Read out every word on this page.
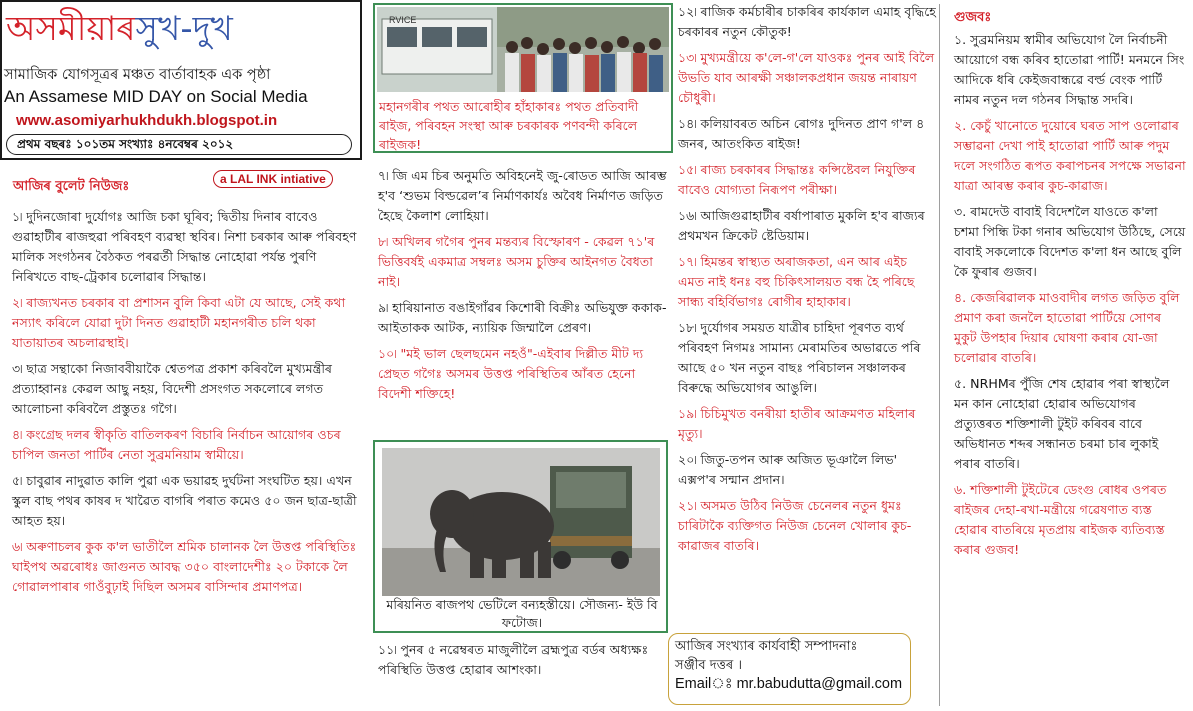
অসমীয়াৰসুখ-দুখ
সামাজিক যোগসূত্ৰৰ মঞ্চত বাৰ্তাবাহক এক পৃষ্ঠা
An Assamese MID DAY on Social Media
www.asomiyarhukhdukh.blogspot.in
প্ৰথম বছৰঃ ১০১তম সংখ্যাঃ ৪নবেম্বৰ ২০১২
আজিৰ বুলেট নিউজঃ	a LAL INK intiative

১৷ দুদিনজোৰা দুৰ্যোগঃ আজি চকা ঘূৰিব; দ্বিতীয় দিনাৰ বাবেও গুৱাহাটীৰ ৰাজহুৱা পৰিবহণ ব্যৱস্থা স্থবিৰ। নিশা চৰকাৰ আৰু পৰিবহণ মালিক সংগঠনৰ বৈঠকত পৰৱৰ্তী সিদ্ধান্ত নোহোৱা পৰ্যন্ত পুৰণি নিৰিখতে বাছ-ট্ৰেকাৰ চলোৱাৰ সিদ্ধান্ত।

২৷ ৰাজ্যখনত চৰকাৰ বা প্ৰশাসন বুলি কিবা এটা যে আছে, সেই কথা নস্যাৎ কৰিলে যোৱা দুটা দিনত গুৱাহাটী মহানগৰীত চলি থকা যাতায়াতৰ অচলাৱস্থাই।

৩৷ ছাত্ৰ সন্থাকো নিজাববীয়াকৈ শ্বেতপত্ৰ প্ৰকাশ কৰিবলৈ মুখ্যমন্ত্ৰীৰ প্ৰত্যাহ্বানঃ কেৱল আছু নহয়, বিদেশী প্ৰসংগত সকলোৰে লগত আলোচনা কৰিবলৈ প্ৰস্তুতঃ গগৈ।

৪৷ কংগ্ৰেছ দলৰ স্বীকৃতি বাতিলকৰণ বিচাৰি নিৰ্বাচন আয়োগৰ ওচৰ চাপিল জনতা পাৰ্টিৰ নেতা সুব্ৰমনিয়াম স্বামীয়ে।

৫৷ চাবুৱাৰ নাদুৱাত কালি পুৱা এক ভয়াৱহ দুৰ্ঘটনা সংঘটিত হয়। এখন স্কুল বাছ পথৰ কাষৰ দ খাৱৈত বাগৰি পৰাত কমেও ৫০ জন ছাত্ৰ-ছাত্ৰী আহত হয়।

৬৷ অৰুণাচলৰ কুক ক'ল ভাতীলৈ শ্ৰমিক চালানক লৈ উত্তপ্ত পৰিস্থিতিঃ ঘাইপথ অৱৰোধঃ জাগুনত আবদ্ধ ৩৫০ বাংলাদেশীঃ ২০ টকাকে লৈ গোৱালপাৰাৰ গাওঁবুঢ়াই দিছিল অসমৰ বাসিন্দাৰ প্ৰমাণপত্ৰ।

RVICE
মহানগৰীৰ পথত আৰোহীৰ হাঁহাকাৰঃ পথত প্ৰতিবাদী ৰাইজ, পৰিবহন সংস্থা আৰু চৰকাৰক পণবন্দী কৰিলে ৰাইজক!

৭৷ জি এম চিৰ অনুমতি অবিহনেই জু-ৰোডত আজি আৰম্ভ হ'ব ‘শুভম বিল্ডৱেল’ৰ নিৰ্মাণকাৰ্যঃ অবৈধ নিৰ্মাণত জড়িত হৈছে কৈলাশ লোহিয়া।

৮৷ অখিলৰ গগৈৰ পুনৰ মন্তব্যৰ বিস্ফোৰণ - কেৱল ৭১'ৰ ভিত্তিবৰ্ষই একমাত্ৰ সম্বলঃ অসম চুক্তিৰ আইনগত বৈধতা নাই।

৯৷ হাৰিয়ানাত বঙাইগাঁৱৰ কিশোৰী বিক্ৰীঃ অভিযুক্ত ককাক-আইতাকক আটক, ন্যায়িক জিম্মালৈ প্ৰেৰণ।

১০৷ "মই ভাল ছেলছমেন নহওঁ"-এইবাৰ দিল্লীত মীট দ্য প্ৰেছত গগৈঃ অসমৰ উত্তপ্ত পৰিস্থিতিৰ আঁৰত হেনো বিদেশী শক্তিহে!

মৰিয়নিত ৰাজপথ ভেটিলে বন্যহস্তীয়ে। সৌজন্য- ইউ বি ফটোজ।

১১৷ পুনৰ ৫ নৱেম্বৰত মাজুলীলৈ ব্ৰহ্মপুত্ৰ বৰ্ডৰ অধ্যক্ষঃ পৰিস্থিতি উত্তপ্ত হোৱাৰ আশংকা।

১২৷ ৰাজিক কৰ্মচাৰীৰ চাকৰিৰ কাৰ্যকাল এমাহ বৃদ্ধিহে চৰকাৰৰ নতুন কৌতুক!

১৩৷ মুখ্যমন্ত্ৰীয়ে ক'লে-গ'লে যাওকঃ পুনৰ আই বিলৈ উভতি যাব আৰক্ষী সঞ্চালকপ্ৰধান জয়ন্ত নাৰায়ণ চৌধুৰী।

১৪৷ কলিয়াবৰত অচিন ৰোগঃ দুদিনত প্ৰাণ গ'ল ৪ জনৰ, আতংকিত ৰাইজ!

১৫৷ ৰাজ্য চৰকাৰৰ সিদ্ধান্তঃ কন্সিষ্টেবল নিযুক্তিৰ বাবেও যোগ্যতা নিৰূপণ পৰীক্ষা।

১৬৷ আজিগুৱাহাটীৰ বৰ্ষাপাৰাত মুকলি হ'ব ৰাজ্যৰ প্ৰথমখন ক্ৰিকেট ষ্টেডিয়াম।

১৭৷ হিমন্তৰ স্বাস্থ্যত অৰাজকতা, এন আৰ এইচ এমত নাই ধনঃ বহু চিকিৎসালয়ত বন্ধ হৈ পৰিছে সান্ধ্য বহিৰ্বিভাগঃ ৰোগীৰ হাহাকাৰ।

১৮৷ দুৰ্যোগৰ সময়ত যাত্ৰীৰ চাহিদা পূৰণত ব্যৰ্থ পৰিবহণ নিগমঃ সামান্য মেৰামতিৰ অভাৱতে পৰি আছে ৫০ খন নতুন বাছঃ পৰিচালন সঞ্চালকৰ বিৰুদ্ধে অভিযোগৰ আঙুলি।

১৯৷ চিচিমুখত বনৰীয়া হাতীৰ আক্ৰমণত মহিলাৰ মৃত্যু।

২০৷ জিতু-তপন আৰু অজিত ভূঞালৈ লিভ' এক্সপ'ৰ সন্মান প্ৰদান।

২১৷ অসমত উঠিব নিউজ চেনেলৰ নতুন ধুমঃ চাৰিটাকৈ ব্যক্তিগত নিউজ চেনেল খোলাৰ কুচ-কাৱাজৰ বাতৰি।

আজিৰ সংখ্যাৰ কাৰ্যবাহী সম্পাদনাঃ
সঞ্জীব দত্তৰ ।
Emailঃ mr.babudutta@gmail.com
গুজবঃ

১. সুব্ৰমনিয়ম স্বামীৰ অভিযোগ লৈ নিৰ্বাচনী আয়োগে বন্ধ কৰিব হাতোৱা পাৰ্টি! মনমনে সিং আদিকে ধৰি কেইজবান্ধৱে বৰ্ল্ড বেংক পাৰ্টি নামৰ নতুন দল গঠনৰ সিদ্ধান্ত সদৰি।

২. কেচুঁ খানোতে দুয়োৰে ঘৰত সাপ ওলোৱাৰ সম্ভাৱনা দেখা পাই হাতোৱা পাৰ্টি আৰু পদুম দলে সংগঠিত ৰূপত কৰাপচনৰ সপক্ষে সভাৱনা যাত্ৰা আৰম্ভ কৰাৰ কুচ-কাৱাজ।

৩. ৰামদেউ বাবাই বিদেশলৈ যাওতে ক'লা চশমা পিন্ধি টকা গনাৰ অভিযোগ উঠিছে, সেয়ে বাবাই সকলোকে বিদেশত ক'লা ধন আছে বুলি কৈ ফুৰাৰ গুজব।

৪. কেজৰিৱালক মাওবাদীৰ লগত জড়িত বুলি প্ৰমাণ কৰা জনলৈ হাতোৱা পাৰ্টিয়ে সোণৰ মুকুট উপহাৰ দিয়াৰ ঘোষণা কৰাৰ যো-জা চলোৱাৰ বাতৰি।

৫. NRHMৰ পুঁজি শেষ হোৱাৰ পৰা স্বাস্থ্যলৈ মন কান নোহোৱা হোৱাৰ অভিযোগৰ প্ৰত্যুত্তৰত শক্তিশালী টুইট কৰিবৰ বাবে অভিধানত শব্দৰ সন্ধানত চৰমা চাৰ লুকাই পৰাৰ বাতৰি।

৬. শক্তিশালী টুইটেৰে ডেংগু ৰোধৰ ওপৰত ৰাইজৰ দেহা-ৰখা-মন্ত্ৰীয়ে গৱেষণাত ব্যস্ত হোৱাৰ বাতৰিয়ে মৃতপ্ৰায় ৰাইজক ব্যতিব্যস্ত কৰাৰ গুজব!
